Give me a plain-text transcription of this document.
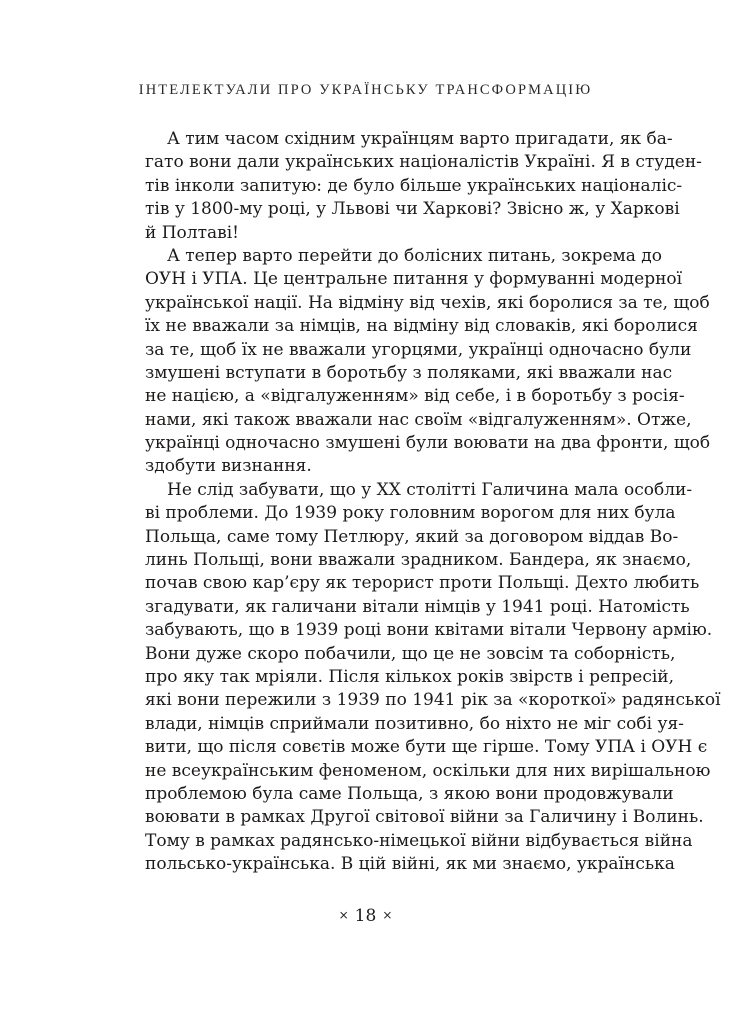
ІНТЕЛЕКТУАЛИ ПРО УКРАЇНСЬКУ ТРАНСФОРМАЦІЮ
А тим часом східним українцям варто пригадати, як ба-
гато вони дали українських націоналістів Україні. Я в студен-
тів інколи запитую: де було більше українських націоналіс-
тів у 1800-му році, у Львові чи Харкові? Звісно ж, у Харкові
й Полтаві!
А тепер варто перейти до болісних питань, зокрема до
ОУН і УПА. Це центральне питання у формуванні модерної
української нації. На відміну від чехів, які боролися за те, щоб
їх не вважали за німців, на відміну від словаків, які боролися
за те, щоб їх не вважали угорцями, українці одночасно були
змушені вступати в боротьбу з поляками, які вважали нас
не нацією, а «відгалуженням» від себе, і в боротьбу з росія-
нами, які також вважали нас своїм «відгалуженням». Отже,
українці одночасно змушені були воювати на два фронти, щоб
здобути визнання.
Не слід забувати, що у ХХ столітті Галичина мала особли-
ві проблеми. До 1939 року головним ворогом для них була
Польща, саме тому Петлюру, який за договором віддав Во-
линь Польщі, вони вважали зрадником. Бандера, як знаємо,
почав свою кар’єру як терорист проти Польщі. Дехто любить
згадувати, як галичани вітали німців у 1941 році. Натомість
забувають, що в 1939 році вони квітами вітали Червону армію.
Вони дуже скоро побачили, що це не зовсім та соборність,
про яку так мріяли. Після кількох років звірств і репресій,
які вони пережили з 1939 по 1941 рік за «короткої» радянської
влади, німців сприймали позитивно, бо ніхто не міг собі уя-
вити, що після совєтів може бути ще гірше. Тому УПА і ОУН є
не всеукраїнським феноменом, оскільки для них вирішальною
проблемою була саме Польща, з якою вони продовжували
воювати в рамках Другої світової війни за Галичину і Волинь.
Тому в рамках радянсько-німецької війни відбувається війна
польсько-українська. В цій війні, як ми знаємо, українська
× 18 ×
